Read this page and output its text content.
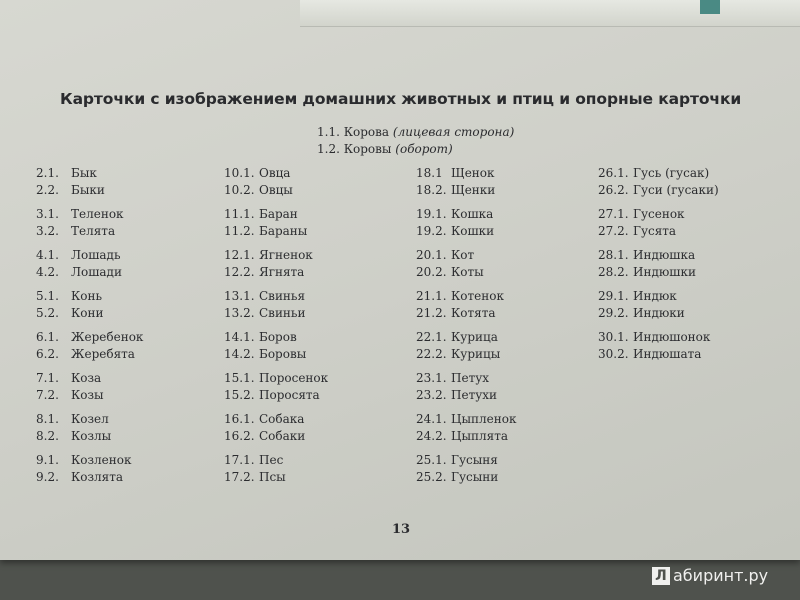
Карточки с изображением домашних животных и птиц и опорные карточки
1.1. Корова (лицевая сторона)
1.2. Коровы (оборот)
2.1.	Бык
2.2.	Быки
3.1.	Теленок
3.2.	Телята
4.1.	Лошадь
4.2.	Лошади
5.1.	Конь
5.2.	Кони
6.1.	Жеребенок
6.2.	Жеребята
7.1.	Коза
7.2.	Козы
8.1.	Козел
8.2.	Козлы
9.1.	Козленок
9.2.	Козлята
10.1. Овца
10.2. Овцы
11.1. Баран
11.2. Бараны
12.1. Ягненок
12.2. Ягнята
13.1. Свинья
13.2. Свиньи
14.1. Боров
14.2. Боровы
15.1. Поросенок
15.2. Поросята
16.1. Собака
16.2. Собаки
17.1. Пес
17.2. Псы
18.1 Щенок
18.2. Щенки
19.1. Кошка
19.2. Кошки
20.1. Кот
20.2. Коты
21.1. Котенок
21.2. Котята
22.1. Курица
22.2. Курицы
23.1. Петух
23.2. Петухи
24.1. Цыпленок
24.2. Цыплята
25.1. Гусыня
25.2. Гусыни
26.1. Гусь (гусак)
26.2. Гуси (гусаки)
27.1. Гусенок
27.2. Гусята
28.1. Индюшка
28.2. Индюшки
29.1. Индюк
29.2. Индюки
30.1. Индюшонок
30.2. Индюшата
13
Л абиринт.ру
